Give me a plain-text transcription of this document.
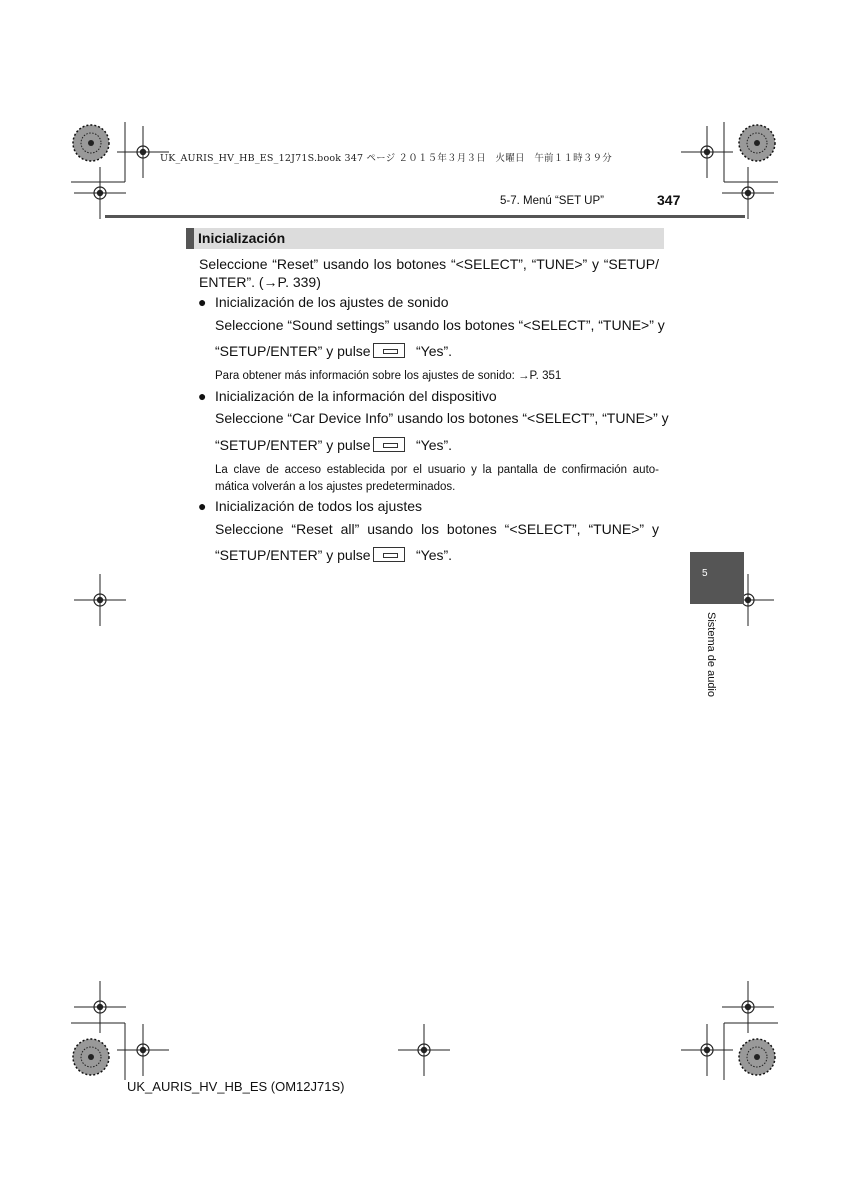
UK_AURIS_HV_HB_ES_12J71S.book 347 ページ ２０１５年３月３日　火曜日　午前１１時３９分
5-7. Menú “SET UP”	347
Inicialización
Seleccione “Reset” usando los botones “<SELECT”, “TUNE>” y “SETUP/
ENTER”. (→P. 339)
● Inicialización de los ajustes de sonido
Seleccione “Sound settings” usando los botones “<SELECT”, “TUNE>” y
“SETUP/ENTER” y pulse	“Yes”.
Para obtener más información sobre los ajustes de sonido: →P. 351
● Inicialización de la información del dispositivo
Seleccione “Car Device Info” usando los botones “<SELECT”, “TUNE>” y
“SETUP/ENTER” y pulse	“Yes”.
La clave de acceso establecida por el usuario y la pantalla de confirmación auto-
mática volverán a los ajustes predeterminados.
● Inicialización de todos los ajustes
Seleccione “Reset all” usando los botones “<SELECT”, “TUNE>” y
“SETUP/ENTER” y pulse	“Yes”.
5
Sistema de audio
UK_AURIS_HV_HB_ES (OM12J71S)
